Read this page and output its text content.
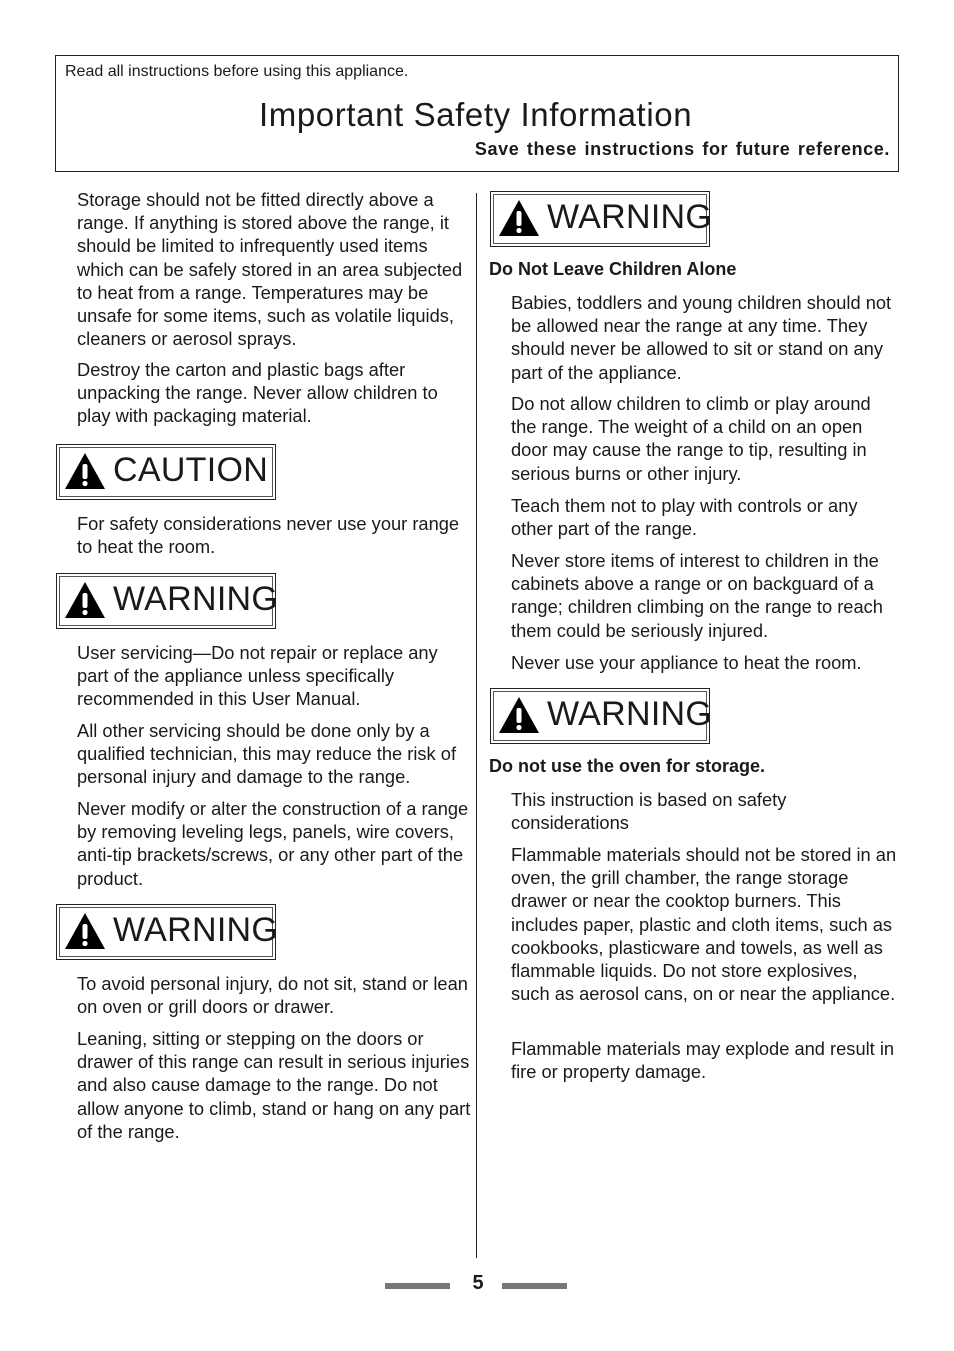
Read all instructions before using this appliance.
Important Safety Information
Save these instructions for future reference.

Storage should not be fitted directly above a range. If anything is stored above the range, it should be limited to infrequently used items which can be safely stored in an area subjected to heat from a range. Temperatures may be unsafe for some items, such as volatile liquids, cleaners or aerosol sprays.

Destroy the carton and plastic bags after unpacking the range. Never allow children to play with packaging material.

CAUTION

For safety considerations never use your range to heat the room.

WARNING

User servicing—Do not repair or replace any part of the appliance unless specifically recommended in this User Manual.

All other servicing should be done only by a qualified technician, this may reduce the risk of personal injury and damage to the range.

Never modify or alter the construction of a range by removing leveling legs, panels, wire covers, anti-tip brackets/screws, or any other part of the product.

WARNING

To avoid personal injury, do not sit, stand or lean on oven or grill doors or drawer.

Leaning, sitting or stepping on the doors or drawer of this range can result in serious injuries and also cause damage to the range. Do not allow anyone to climb, stand or hang on any part of the range.

WARNING

Do Not Leave Children Alone

Babies, toddlers and young children should not be allowed near the range at any time. They should never be allowed to sit or stand on any part of the appliance.

Do not allow children to climb or play around the range. The weight of a child on an open door may cause the range to tip, resulting in serious burns or other injury.

Teach them not to play with controls or any other part of the range.

Never store items of interest to children in the cabinets above a range or on backguard of a range; children climbing on the range to reach them could be seriously injured.

Never use your appliance to heat the room.

WARNING

Do not use the oven for storage.

This instruction is based on safety considerations

Flammable materials should not be stored in an oven, the grill chamber, the range storage drawer or near the cooktop burners. This includes paper, plastic and cloth items, such as cookbooks, plasticware and towels, as well as flammable liquids. Do not store explosives, such as aerosol cans, on or near the appliance.

Flammable materials may explode and result in fire or property damage.

5
